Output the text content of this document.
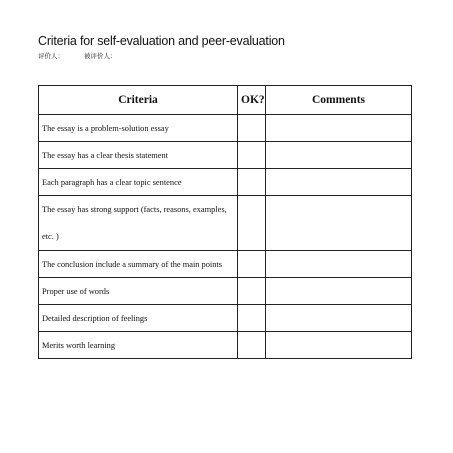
Criteria for self-evaluation and peer-evaluation
评价人：	被评价人：
Criteria	OK?	Comments
The essay is a problem-solution essay		
The essay has a clear thesis statement		
Each paragraph has a clear topic sentence		
The essay has strong support (facts, reasons, examples, etc. )		
The conclusion include a summary of the main points		
Proper use of words		
Detailed description of feelings		
Merits worth learning		
